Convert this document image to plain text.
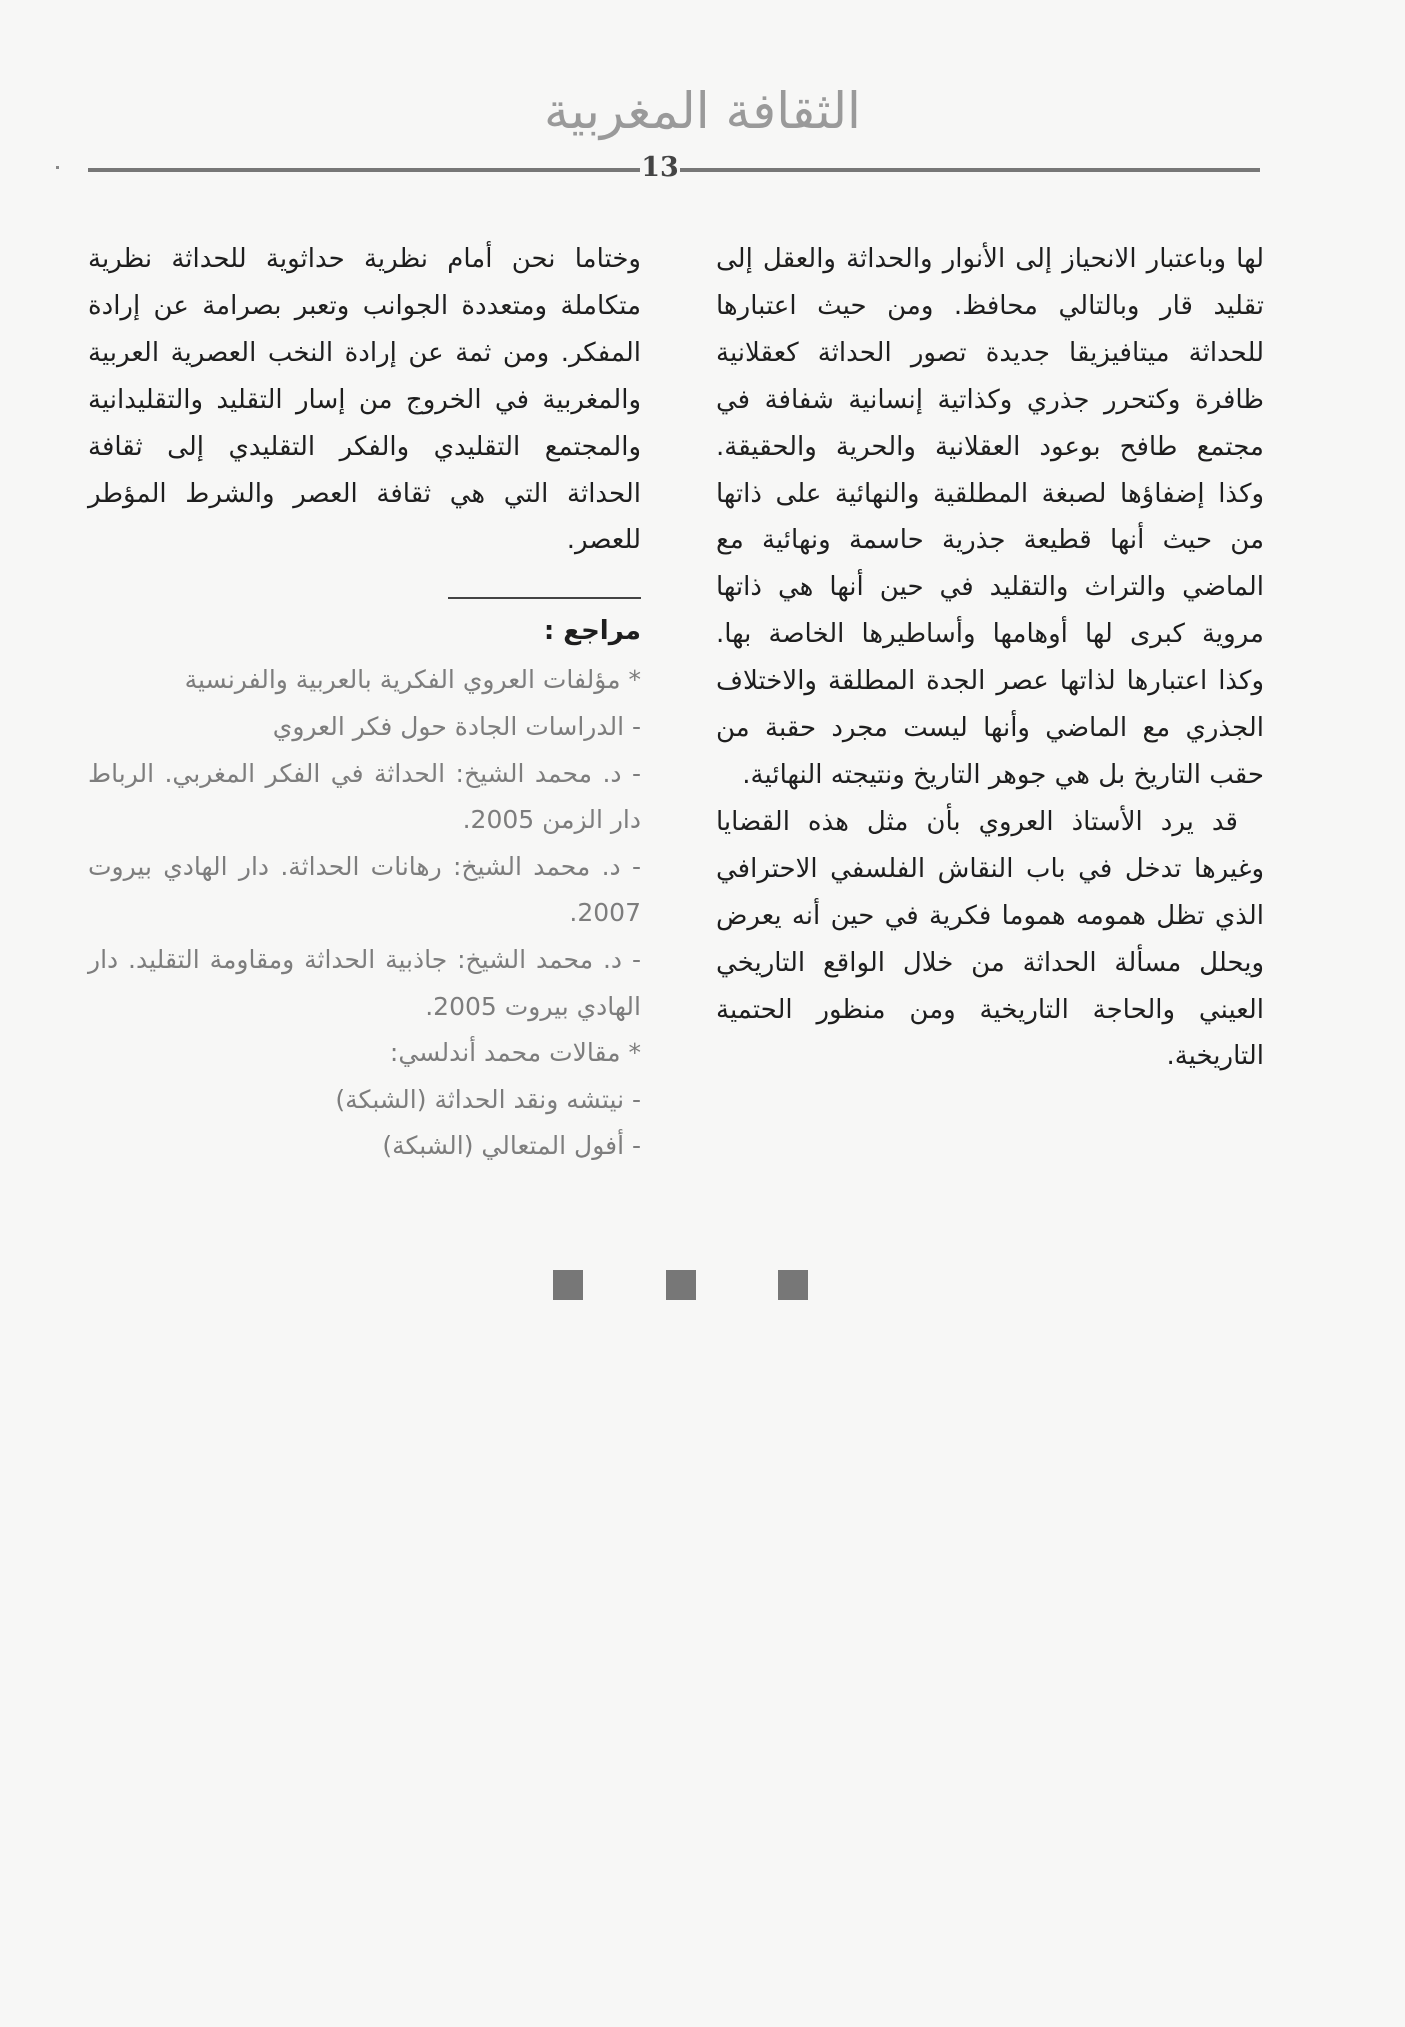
الثقافة المغربية
13

لها وباعتبار الانحياز إلى الأنوار والحداثة والعقل إلى تقليد قار وبالتالي محافظ. ومن حيث اعتبارها للحداثة ميتافيزيقا جديدة تصور الحداثة كعقلانية ظافرة وكتحرر جذري وكذاتية إنسانية شفافة في مجتمع طافح بوعود العقلانية والحرية والحقيقة. وكذا إضفاؤها لصبغة المطلقية والنهائية على ذاتها من حيث أنها قطيعة جذرية حاسمة ونهائية مع الماضي والتراث والتقليد في حين أنها هي ذاتها مروية كبرى لها أوهامها وأساطيرها الخاصة بها. وكذا اعتبارها لذاتها عصر الجدة المطلقة والاختلاف الجذري مع الماضي وأنها ليست مجرد حقبة من حقب التاريخ بل هي جوهر التاريخ ونتيجته النهائية.

قد يرد الأستاذ العروي بأن مثل هذه القضايا وغيرها تدخل في باب النقاش الفلسفي الاحترافي الذي تظل همومه هموما فكرية في حين أنه يعرض ويحلل مسألة الحداثة من خلال الواقع التاريخي العيني والحاجة التاريخية ومن منظور الحتمية التاريخية.

وختاما نحن أمام نظرية حداثوية للحداثة نظرية متكاملة ومتعددة الجوانب وتعبر بصرامة عن إرادة المفكر. ومن ثمة عن إرادة النخب العصرية العربية والمغربية في الخروج من إسار التقليد والتقليدانية والمجتمع التقليدي والفكر التقليدي إلى ثقافة الحداثة التي هي ثقافة العصر والشرط المؤطر للعصر.

مراجع :
* مؤلفات العروي الفكرية بالعربية والفرنسية
- الدراسات الجادة حول فكر العروي
- د. محمد الشيخ: الحداثة في الفكر المغربي. الرباط دار الزمن 2005.
- د. محمد الشيخ: رهانات الحداثة. دار الهادي بيروت 2007.
- د. محمد الشيخ: جاذبية الحداثة ومقاومة التقليد. دار الهادي بيروت 2005.
* مقالات محمد أندلسي:
- نيتشه ونقد الحداثة (الشبكة)
- أفول المتعالي (الشبكة)
